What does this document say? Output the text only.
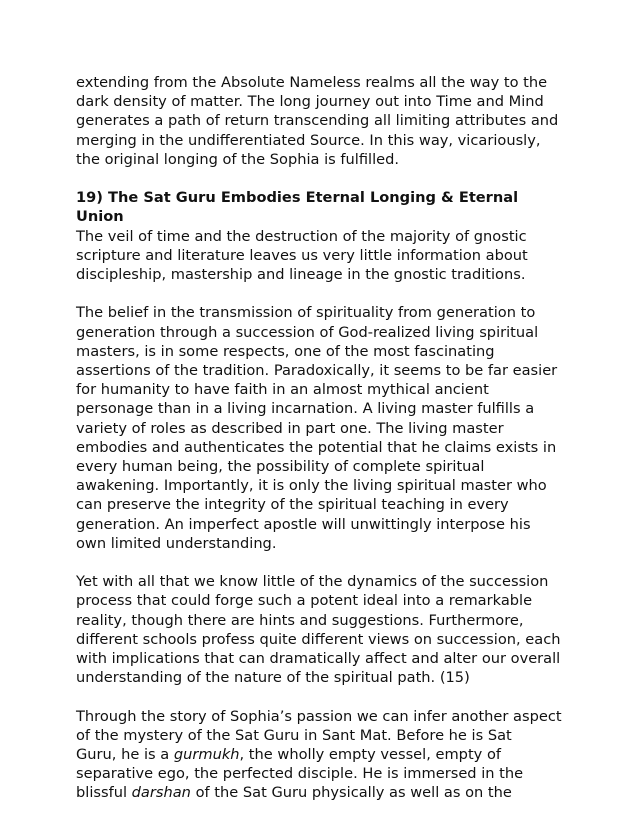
extending from the Absolute Nameless realms all the way to the
dark density of matter. The long journey out into Time and Mind
generates a path of return transcending all limiting attributes and
merging in the undifferentiated Source. In this way, vicariously,
the original longing of the Sophia is fulfilled.
19) The Sat Guru Embodies Eternal Longing & Eternal
Union
The veil of time and the destruction of the majority of gnostic
scripture and literature leaves us very little information about
discipleship, mastership and lineage in the gnostic traditions.
The belief in the transmission of spirituality from generation to
generation through a succession of God-realized living spiritual
masters, is in some respects, one of the most fascinating
assertions of the tradition. Paradoxically, it seems to be far easier
for humanity to have faith in an almost mythical ancient
personage than in a living incarnation. A living master fulfills a
variety of roles as described in part one. The living master
embodies and authenticates the potential that he claims exists in
every human being, the possibility of complete spiritual
awakening. Importantly, it is only the living spiritual master who
can preserve the integrity of the spiritual teaching in every
generation. An imperfect apostle will unwittingly interpose his
own limited understanding.
Yet with all that we know little of the dynamics of the succession
process that could forge such a potent ideal into a remarkable
reality, though there are hints and suggestions. Furthermore,
different schools profess quite different views on succession, each
with implications that can dramatically affect and alter our overall
understanding of the nature of the spiritual path. (15)
Through the story of Sophia’s passion we can infer another aspect
of the mystery of the Sat Guru in Sant Mat. Before he is Sat
Guru, he is a gurmukh, the wholly empty vessel, empty of
separative ego, the perfected disciple. He is immersed in the
blissful darshan of the Sat Guru physically as well as on the
